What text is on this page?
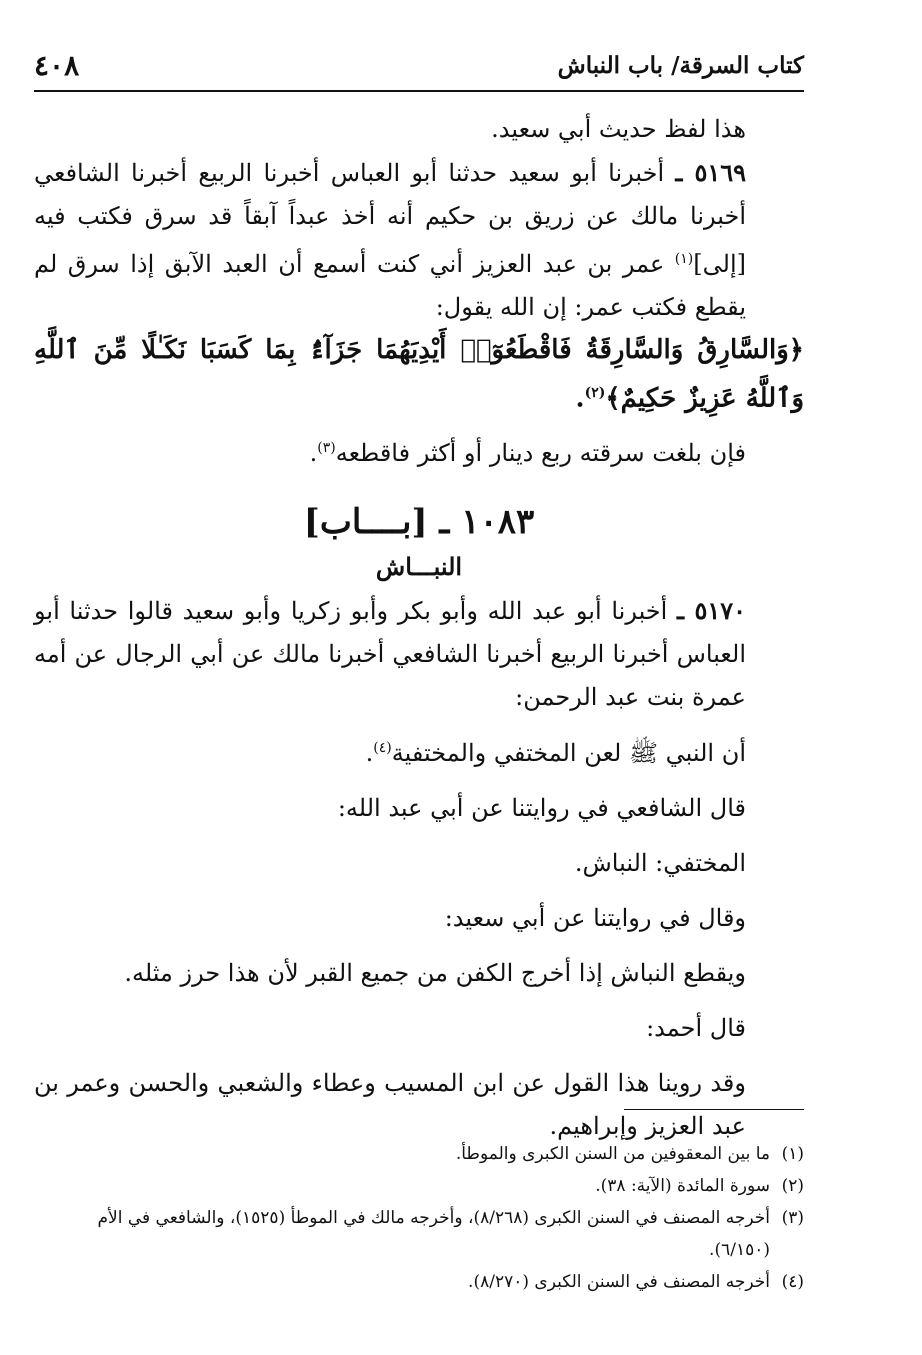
كتاب السرقة/ باب النباش
٤٠٨

هذا لفظ حديث أبي سعيد.

٥١٦٩ ـ أخبرنا أبو سعيد حدثنا أبو العباس أخبرنا الربيع أخبرنا الشافعي أخبرنا مالك عن زريق بن حكيم أنه أخذ عبداً آبقاً قد سرق فكتب فيه [إلى]$^{(١)}$ عمر بن عبد العزيز أني كنت أسمع أن العبد الآبق إذا سرق لم يقطع فكتب عمر: إن الله يقول:

﴿وَالسَّارِقُ وَالسَّارِقَةُ فَاقْطَعُوٓا۟ أَيْدِيَهُمَا جَزَآءًۢ بِمَا كَسَبَا نَكَـٰلًا مِّنَ ٱللَّهِ وَٱللَّهُ عَزِيزٌ حَكِيمٌ﴾$^{(٢)}$.

فإن بلغت سرقته ربع دينار أو أكثر فاقطعه$^{(٣)}$.

١٠٨٣ ـ [بــــاب]
النبـــاش

٥١٧٠ ـ أخبرنا أبو عبد الله وأبو بكر وأبو زكريا وأبو سعيد قالوا حدثنا أبو العباس أخبرنا الربيع أخبرنا الشافعي أخبرنا مالك عن أبي الرجال عن أمه عمرة بنت عبد الرحمن:

أن النبي ﷺ لعن المختفي والمختفية$^{(٤)}$.

قال الشافعي في روايتنا عن أبي عبد الله:

المختفي: النباش.

وقال في روايتنا عن أبي سعيد:

ويقطع النباش إذا أخرج الكفن من جميع القبر لأن هذا حرز مثله.

قال أحمد:

وقد روينا هذا القول عن ابن المسيب وعطاء والشعبي والحسن وعمر بن عبد العزيز وإبراهيم.

(١)
ما بين المعقوفين من السنن الكبرى والموطأ.
(٢)
سورة المائدة (الآية: ٣٨).
(٣)
أخرجه المصنف في السنن الكبرى (٨/٢٦٨)، وأخرجه مالك في الموطأ (١٥٢٥)، والشافعي في الأم (٦/١٥٠).
(٤)
أخرجه المصنف في السنن الكبرى (٨/٢٧٠).
